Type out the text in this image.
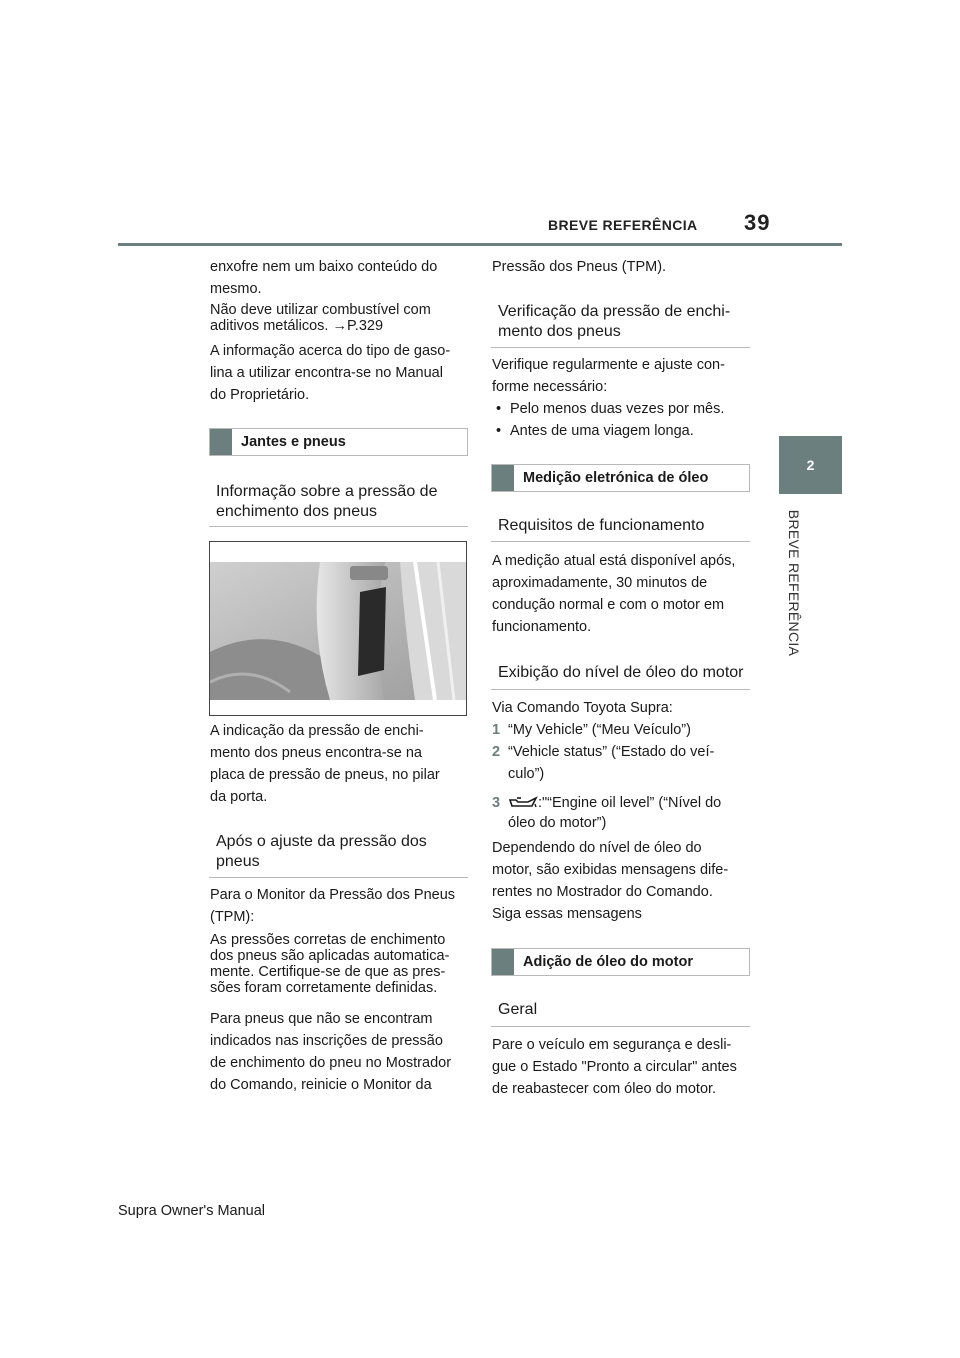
BREVE REFERÊNCIA 39
2
BREVE REFERÊNCIA

enxofre nem um baixo conteúdo do

mesmo.

Não deve utilizar combustível com

aditivos metálicos. →P.329

A informação acerca do tipo de gaso-

lina a utilizar encontra-se no Manual

do Proprietário.

Jantes e pneus
Informação sobre a pressão de
enchimento dos pneus

A indicação da pressão de enchi-

mento dos pneus encontra-se na

placa de pressão de pneus, no pilar

da porta.

Após o ajuste da pressão dos
pneus

Para o Monitor da Pressão dos Pneus

(TPM):

As pressões corretas de enchimento

dos pneus são aplicadas automatica-

mente. Certifique-se de que as pres-

sões foram corretamente definidas.

Para pneus que não se encontram

indicados nas inscrições de pressão

de enchimento do pneu no Mostrador

do Comando, reinicie o Monitor da

Pressão dos Pneus (TPM).

Verificação da pressão de enchi-
mento dos pneus

Verifique regularmente e ajuste con-

forme necessário:

• Pelo menos duas vezes por mês.

• Antes de uma viagem longa.

Medição eletrónica de óleo
Requisitos de funcionamento

A medição atual está disponível após,

aproximadamente, 30 minutos de

condução normal e com o motor em

funcionamento.

Exibição do nível de óleo do motor

Via Comando Toyota Supra:

1 “My Vehicle” (“Meu Veículo”)

2 “Vehicle status” (“Estado do veí-

culo”)

3	:"“Engine oil level” (“Nível do

óleo do motor”)

Dependendo do nível de óleo do

motor, são exibidas mensagens dife-

rentes no Mostrador do Comando.

Siga essas mensagens

Adição de óleo do motor
Geral

Pare o veículo em segurança e desli-

gue o Estado "Pronto a circular" antes

de reabastecer com óleo do motor.

Supra Owner's Manual
